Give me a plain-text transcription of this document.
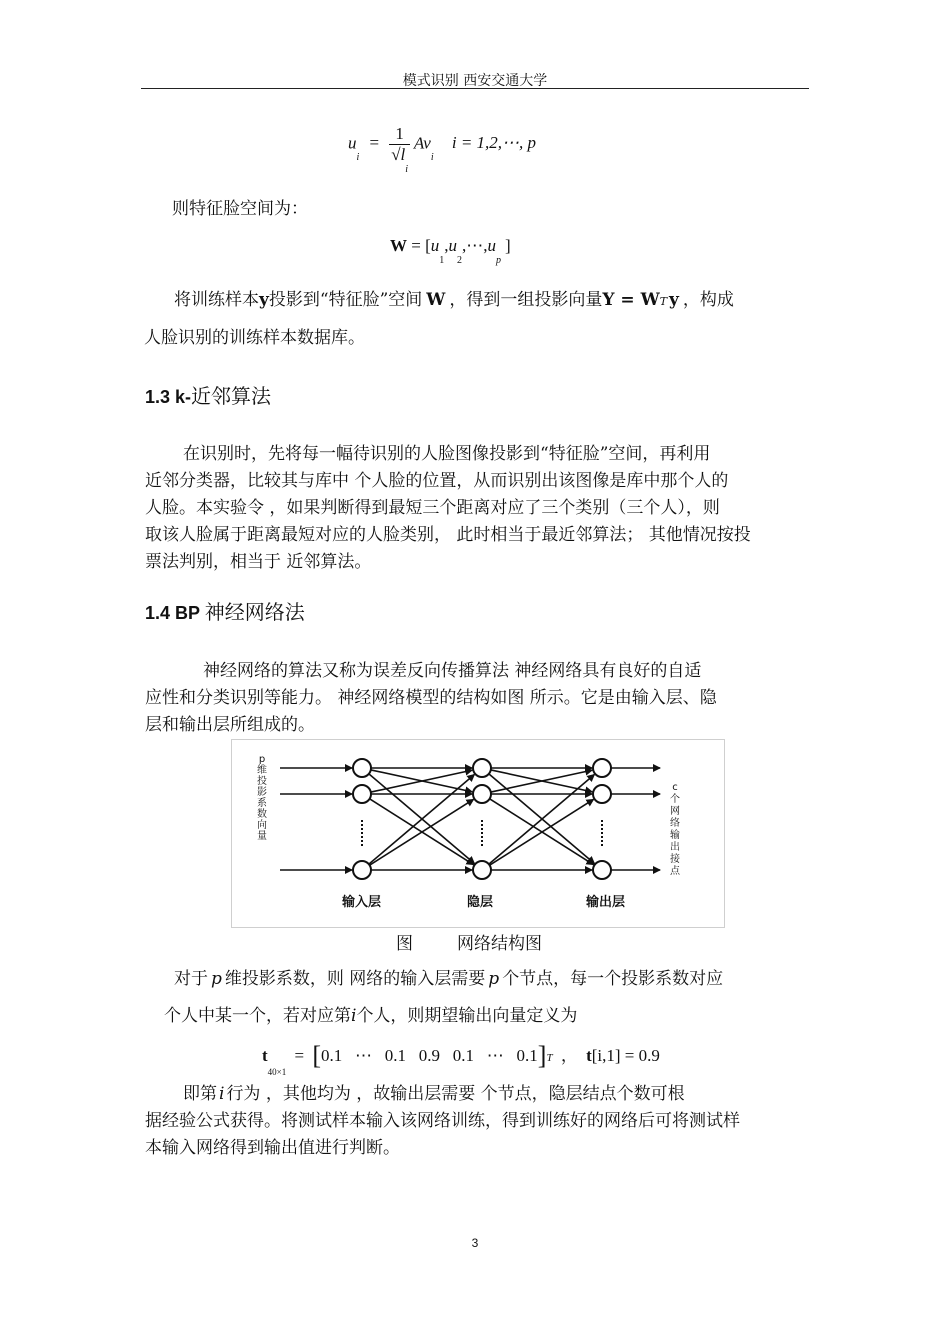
模式识别 西安交通大学
$u_i = \frac{1}{√l_i} Av_i$ i = 1,2,⋯, p
则特征脸空间为：
$W = [u_1,u_2,\cdots,u_p]$
将训练样本y投影到“特征脸”空间 W ，得到一组投影向量Y = WT y ，构成
人脸识别的训练样本数据库。
1.3 k-近邻算法
在识别时，先将每一幅待识别的人脸图像投影到“特征脸”空间，再利用
近邻分类器，比较其与库中 个人脸的位置，从而识别出该图像是库中那个人的
人脸。本实验令 ，如果判断得到最短三个距离对应了三个类别（三个人），则
取该人脸属于距离最短对应的人脸类别， 此时相当于最近邻算法； 其他情况按投
票法判别，相当于 近邻算法。
1.4 BP 神经网络法
神经网络的算法又称为误差反向传播算法 神经网络具有良好的自适
应性和分类识别等能力。 神经网络模型的结构如图 所示。它是由输入层、隐
层和输出层所组成的。
p
维
投
影
系
数
向
量
c
个
网
络
输
出
接
点
输入层	隐层	输出层
图	网络结构图
对于 p 维投影系数，则 网络的输入层需要 p 个节点，每一个投影系数对应
个人中某一个，若对应第i个人，则期望输出向量定义为
$t_{40\times 1} = [0.1$   ⋯   0.1   0.9   0.1   ⋯   0.1]T ， t[i,1] = 0.9
即第 i 行为 ，其他均为 ，故输出层需要 个节点，隐层结点个数可根
据经验公式获得。将测试样本输入该网络训练，得到训练好的网络后可将测试样
本输入网络得到输出值进行判断。
3
